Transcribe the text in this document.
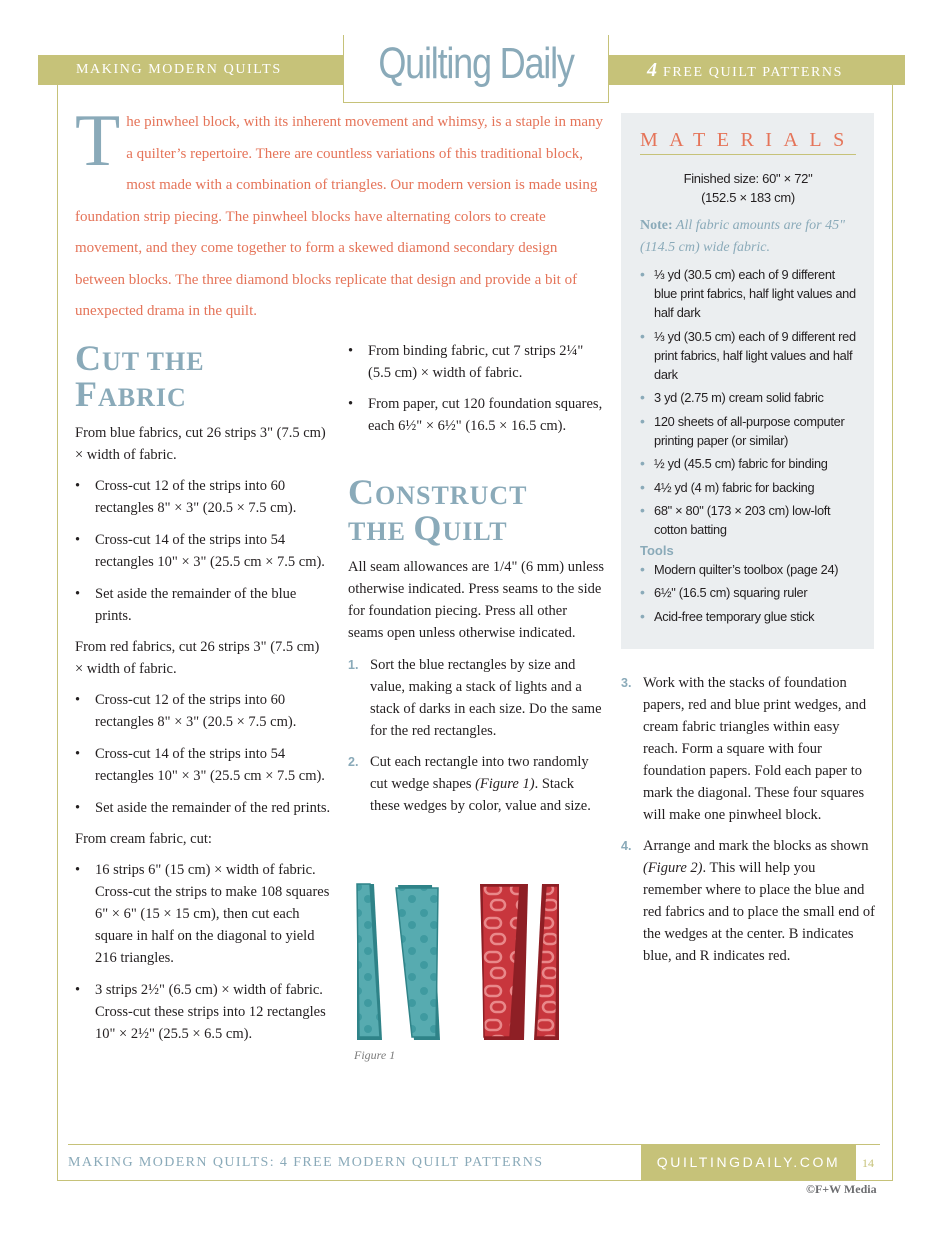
MAKING MODERN QUILTS	Quilting Daily	4 FREE QUILT PATTERNS
The pinwheel block, with its inherent movement and whimsy, is a staple in many a quilter’s repertoire. There are countless variations of this traditional block, most made with a combination of triangles. Our modern version is made using foundation strip piecing. The pinwheel blocks have alternating colors to create movement, and they come together to form a skewed diamond secondary design between blocks. The three diamond blocks replicate that design and provide a bit of unexpected drama in the quilt.
CUT THE
FABRIC

From blue fabrics, cut 26 strips 3" (7.5 cm) × width of fabric.

• Cross-cut 12 of the strips into 60 rectangles 8" × 3" (20.5 × 7.5 cm).
• Cross-cut 14 of the strips into 54 rectangles 10" × 3" (25.5 cm × 7.5 cm).
• Set aside the remainder of the blue prints.

From red fabrics, cut 26 strips 3" (7.5 cm) × width of fabric.

• Cross-cut 12 of the strips into 60 rectangles 8" × 3" (20.5 × 7.5 cm).
• Cross-cut 14 of the strips into 54 rectangles 10" × 3" (25.5 cm × 7.5 cm).
• Set aside the remainder of the red prints.

From cream fabric, cut:

• 16 strips 6" (15 cm) × width of fabric. Cross-cut the strips to make 108 squares 6" × 6" (15 × 15 cm), then cut each square in half on the diagonal to yield 216 triangles.
• 3 strips 2½" (6.5 cm) × width of fabric. Cross-cut these strips into 12 rectangles 10" × 2½" (25.5 × 6.5 cm).
• From binding fabric, cut 7 strips 2¼" (5.5 cm) × width of fabric.
• From paper, cut 120 foundation squares, each 6½" × 6½" (16.5 × 16.5 cm).
CONSTRUCT
THE QUILT

All seam allowances are 1/4" (6 mm) unless otherwise indicated. Press seams to the side for foundation piecing. Press all other seams open unless otherwise indicated.

1. Sort the blue rectangles by size and value, making a stack of lights and a stack of darks in each size. Do the same for the red rectangles.
2. Cut each rectangle into two randomly cut wedge shapes (Figure 1). Stack these wedges by color, value and size.
Figure 1
MATERIALS
Finished size: 60" × 72"
(152.5 × 183 cm)
Note: All fabric amounts are for 45" (114.5 cm) wide fabric.
• ⅓ yd (30.5 cm) each of 9 different blue print fabrics, half light values and half dark
• ⅓ yd (30.5 cm) each of 9 different red print fabrics, half light values and half dark
• 3 yd (2.75 m) cream solid fabric
• 120 sheets of all-purpose computer printing paper (or similar)
• ½ yd (45.5 cm) fabric for binding
• 4½ yd (4 m) fabric for backing
• 68" × 80" (173 × 203 cm) low-loft cotton batting
Tools
• Modern quilter’s toolbox (page 24)
• 6½" (16.5 cm) squaring ruler
• Acid-free temporary glue stick
3. Work with the stacks of foundation papers, red and blue print wedges, and cream fabric triangles within easy reach. Form a square with four foundation papers. Fold each paper to mark the diagonal. These four squares will make one pinwheel block.
4. Arrange and mark the blocks as shown (Figure 2). This will help you remember where to place the blue and red fabrics and to place the small end of the wedges at the center. B indicates blue, and R indicates red.
MAKING MODERN QUILTS: 4 FREE MODERN QUILT PATTERNS	QUILTINGDAILY.COM	14
©F+W Media
